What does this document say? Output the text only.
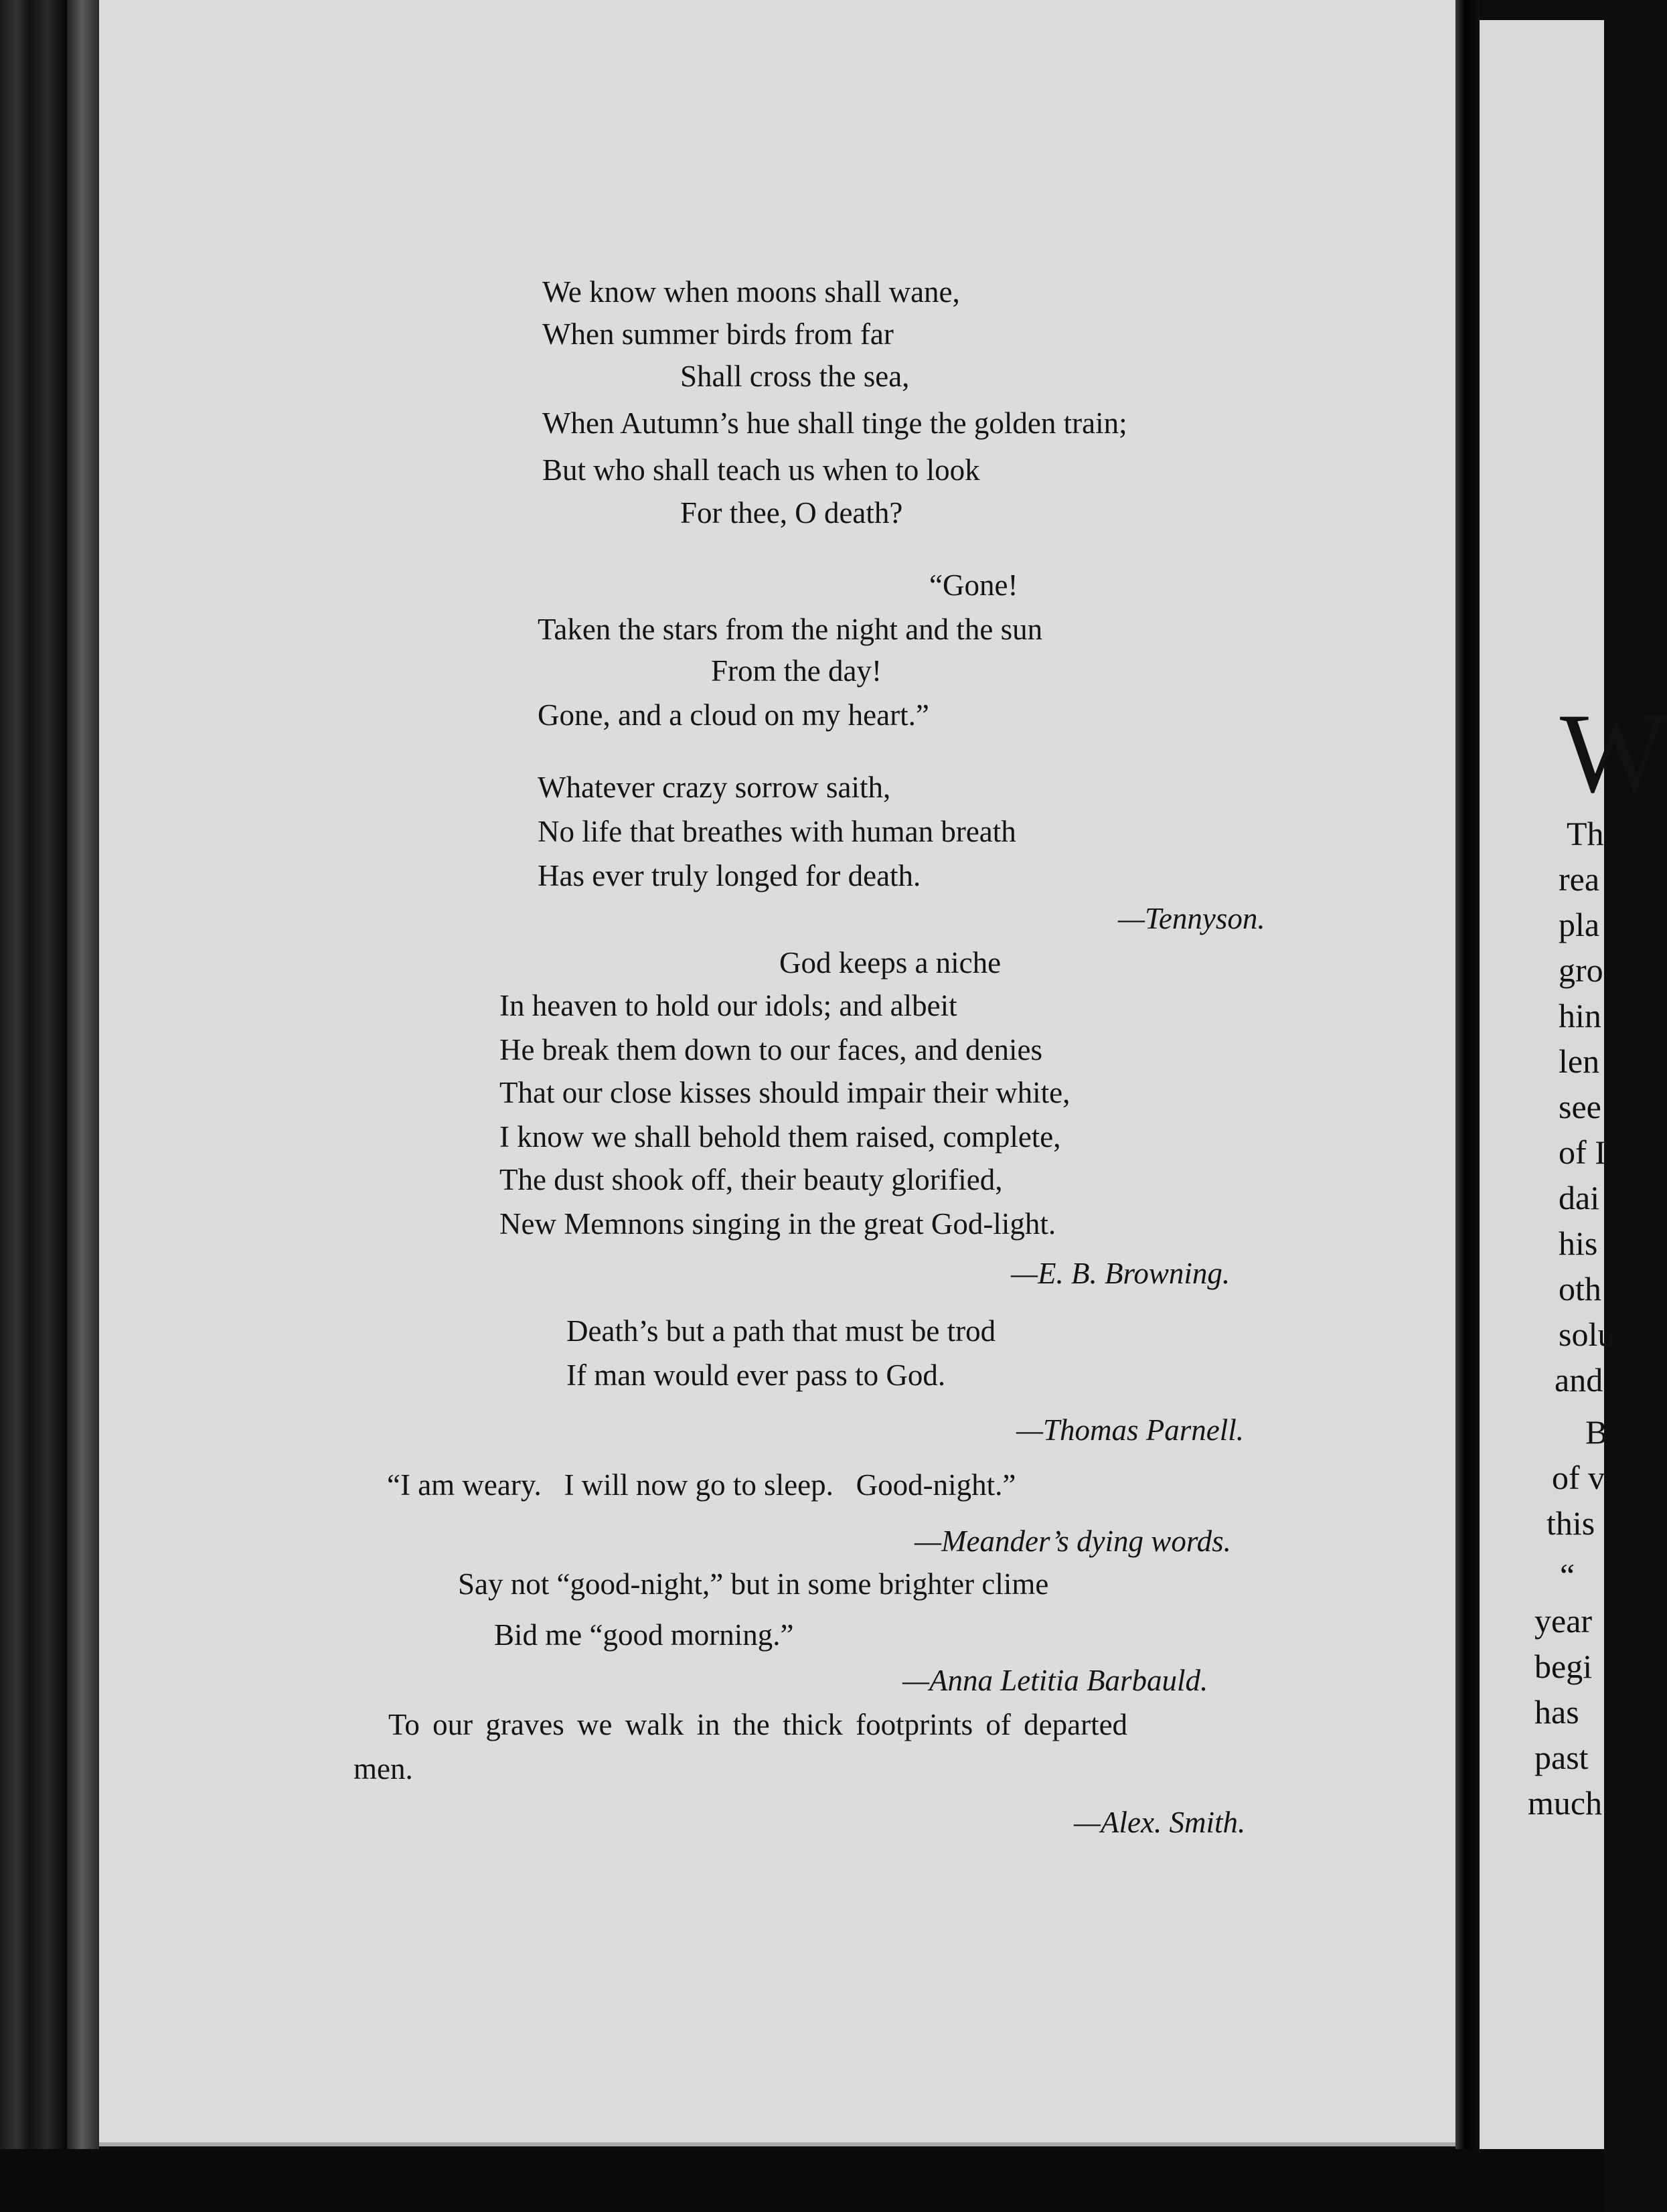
We know when moons shall wane,
When summer birds from far
Shall cross the sea,
When Autumn’s hue shall tinge the golden train;
But who shall teach us when to look
For thee, O death?
“Gone!
Taken the stars from the night and the sun
From the day!
Gone, and a cloud on my heart.”
Whatever crazy sorrow saith,
No life that breathes with human breath
Has ever truly longed for death.
—Tennyson.
God keeps a niche
In heaven to hold our idols; and albeit
He break them down to our faces, and denies
That our close kisses should impair their white,
I know we shall behold them raised, complete,
The dust shook off, their beauty glorified,
New Memnons singing in the great God-light.
—E. B. Browning.
Death’s but a path that must be trod
If man would ever pass to God.
—Thomas Parnell.
“I am weary.   I will now go to sleep.   Good-night.”
—Meander’s dying words.
Say not “good-night,” but in some brighter clime
Bid me “good morning.”
—Anna Letitia Barbauld.
To our graves we walk in the thick footprints of departed
men.
—Alex. Smith.
W
Th
rea
pla
gro
hin
len
see
of I
dai
his
oth
solu
and
B
of v
this
“
year
begi
has
past
much
